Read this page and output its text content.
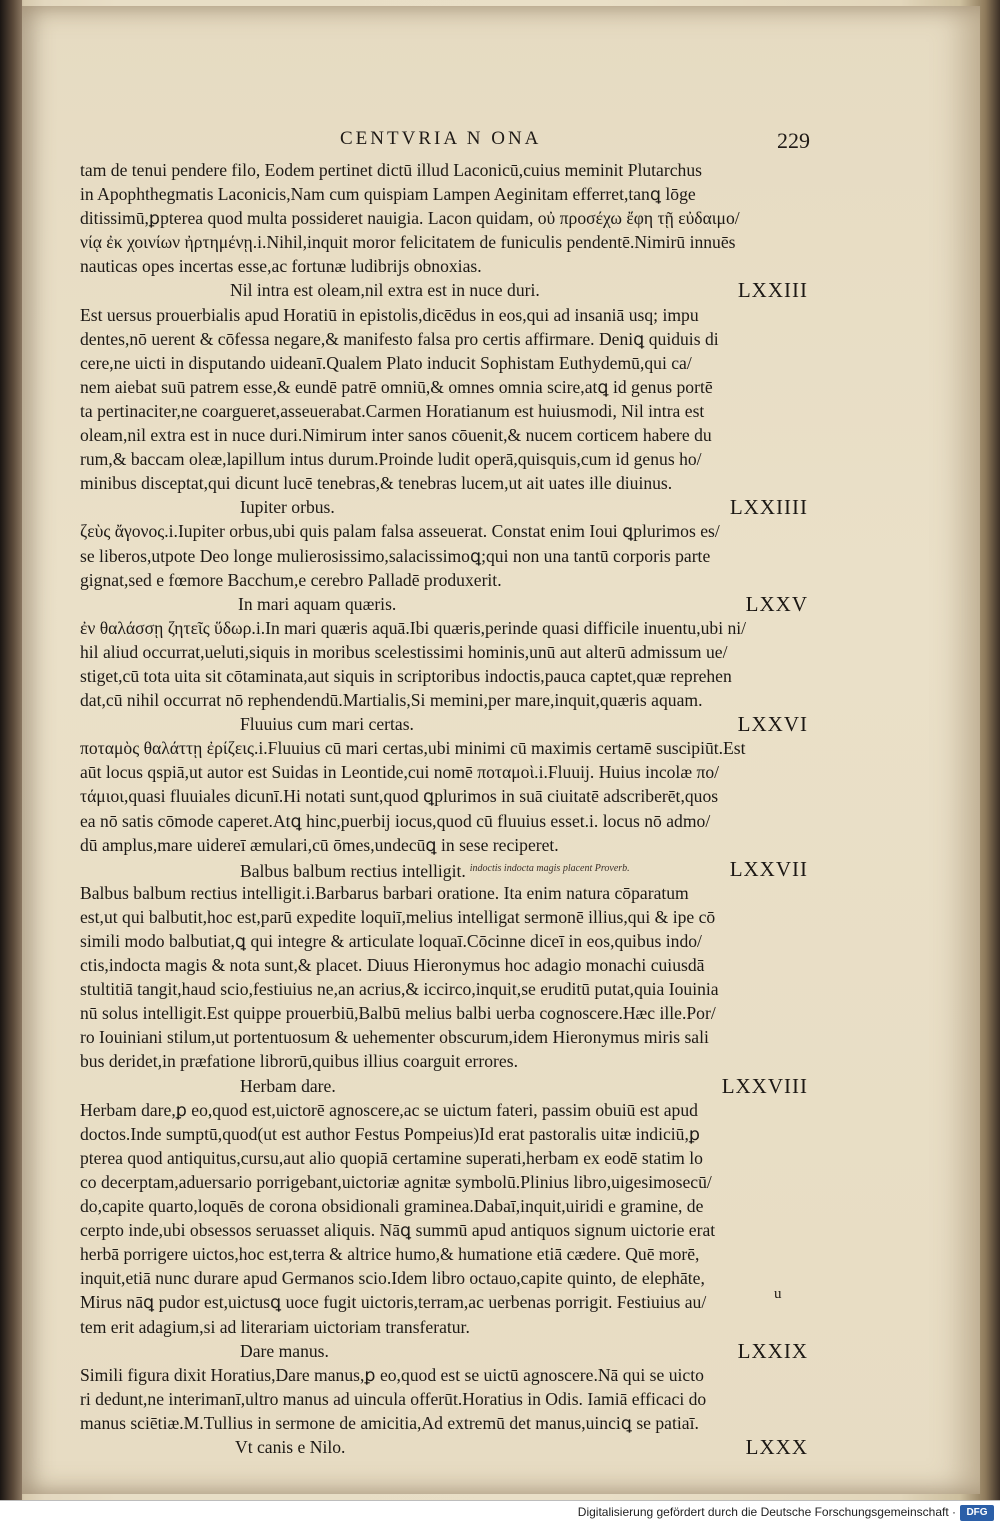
CENTVRIA N ONA	229
tam de tenui pendere filo, Eodem pertinet dictū illud Laconicū,cuius meminit Plutarchus
in Apophthegmatis Laconicis,Nam cum quispiam Lampen Aeginitam efferret,tanꝗ lōge
ditissimū,ꝑpterea quod multa possideret nauigia. Lacon quidam, οὐ προσέχω ἔφη τῇ εὐδαιμο/
νίᾳ ἐκ χοινίων ἠρτημένῃ.i.Nihil,inquit moror felicitatem de funiculis pendentē.Nimirū innuēs
nauticas opes incertas esse,ac fortunæ ludibrijs obnoxias.
Nil intra est oleam,nil extra est in nuce duri.	LXXIII
Est uersus prouerbialis apud Horatiū in epistolis,dicēdus in eos,qui ad insaniā usq; impu
dentes,nō uerent & cōfessa negare,& manifesto falsa pro certis affirmare. Deniꝗ quiduis di
cere,ne uicti in disputando uideanī.Qualem Plato inducit Sophistam Euthydemū,qui ca/
nem aiebat suū patrem esse,& eundē patrē omniū,& omnes omnia scire,atꝗ id genus portē
ta pertinaciter,ne coargueret,asseuerabat.Carmen Horatianum est huiusmodi, Nil intra est
oleam,nil extra est in nuce duri.Nimirum inter sanos cōuenit,& nucem corticem habere du
rum,& baccam oleæ,lapillum intus durum.Proinde ludit operā,quisquis,cum id genus ho/
minibus disceptat,qui dicunt lucē tenebras,& tenebras lucem,ut ait uates ille diuinus.
Iupiter orbus.	LXXIIII
ζεὺς ἄγονος.i.Iupiter orbus,ubi quis palam falsa asseuerat. Constat enim Ioui ꝗplurimos es/
se liberos,utpote Deo longe mulierosissimo,salacissimoꝗ;qui non una tantū corporis parte
gignat,sed e fœmore Bacchum,e cerebro Palladē produxerit.
In mari aquam quæris.	LXXV
ἐν θαλάσσῃ ζητεῖς ὕδωρ.i.In mari quæris aquā.Ibi quæris,perinde quasi difficile inuentu,ubi ni/
hil aliud occurrat,ueluti,siquis in moribus scelestissimi hominis,unū aut alterū admissum ue/
stiget,cū tota uita sit cōtaminata,aut siquis in scriptoribus indoctis,pauca captet,quæ reprehen
dat,cū nihil occurrat nō rephendendū.Martialis,Si memini,per mare,inquit,quæris aquam.
Fluuius cum mari certas.	LXXVI
ποταμὸς θαλάττῃ ἐρίζεις.i.Fluuius cū mari certas,ubi minimi cū maximis certamē suscipiūt.Est
aūt locus qspiā,ut autor est Suidas in Leontide,cui nomē ποταμοὶ.i.Fluuij. Huius incolæ πο/
τάμιοι,quasi fluuiales dicunī.Hi notati sunt,quod ꝗplurimos in suā ciuitatē adscriberēt,quos
ea nō satis cōmode caperet.Atꝗ hinc,puerbij iocus,quod cū fluuius esset.i. locus nō admo/
dū amplus,mare uidereī æmulari,cū ōmes,undecūꝗ in sese reciperet.
Balbus balbum rectius intelligit. $^{indoctis indocta magis placent Proverb.}$	LXXVII
Balbus balbum rectius intelligit.i.Barbarus barbari oratione. Ita enim natura cōparatum
est,ut qui balbutit,hoc est,parū expedite loquiī,melius intelligat sermonē illius,qui & ipe cō
simili modo balbutiat,ꝗ qui integre & articulate loquaī.Cōcinne diceī in eos,quibus indo/
ctis,indocta magis & nota sunt,& placet. Diuus Hieronymus hoc adagio monachi cuiusdā
stultitiā tangit,haud scio,festiuius ne,an acrius,& iccirco,inquit,se eruditū putat,quia Iouinia
nū solus intelligit.Est quippe prouerbiū,Balbū melius balbi uerba cognoscere.Hæc ille.Por/
ro Iouiniani stilum,ut portentuosum & uehementer obscurum,idem Hieronymus miris sali
bus deridet,in præfatione librorū,quibus illius coarguit errores.
Herbam dare.	LXXVIII
Herbam dare,ꝑ eo,quod est,uictorē agnoscere,ac se uictum fateri, passim obuiū est apud
doctos.Inde sumptū,quod(ut est author Festus Pompeius)Id erat pastoralis uitæ indiciū,ꝑ
pterea quod antiquitus,cursu,aut alio quopiā certamine superati,herbam ex eodē statim lo
co decerptam,aduersario porrigebant,uictoriæ agnitæ symbolū.Plinius libro,uigesimosecū/
do,capite quarto,loquēs de corona obsidionali graminea.Dabaī,inquit,uiridi e gramine, de
cerpto inde,ubi obsessos seruasset aliquis. Nāꝗ summū apud antiquos signum uictorie erat
herbā porrigere uictos,hoc est,terra & altrice humo,& humatione etiā cædere. Quē morē,
inquit,etiā nunc durare apud Germanos scio.Idem libro octauo,capite quinto, de elephāte,
Mirus nāꝗ pudor est,uictusꝗ uoce fugit uictoris,terram,ac uerbenas porrigit. Festiuius au/
tem erit adagium,si ad literariam uictoriam transferatur.
Dare manus.	LXXIX
Simili figura dixit Horatius,Dare manus,ꝑ eo,quod est se uictū agnoscere.Nā qui se uicto
ri dedunt,ne interimanī,ultro manus ad uincula offerūt.Horatius in Odis. Iamiā efficaci do
manus sciētiæ.M.Tullius in sermone de amicitia,Ad extremū det manus,uinciꝗ se patiaī.
Vt canis e Nilo.	LXXX
u
Digitalisierung gefördert durch die Deutsche Forschungsgemeinschaft ·	DFG
